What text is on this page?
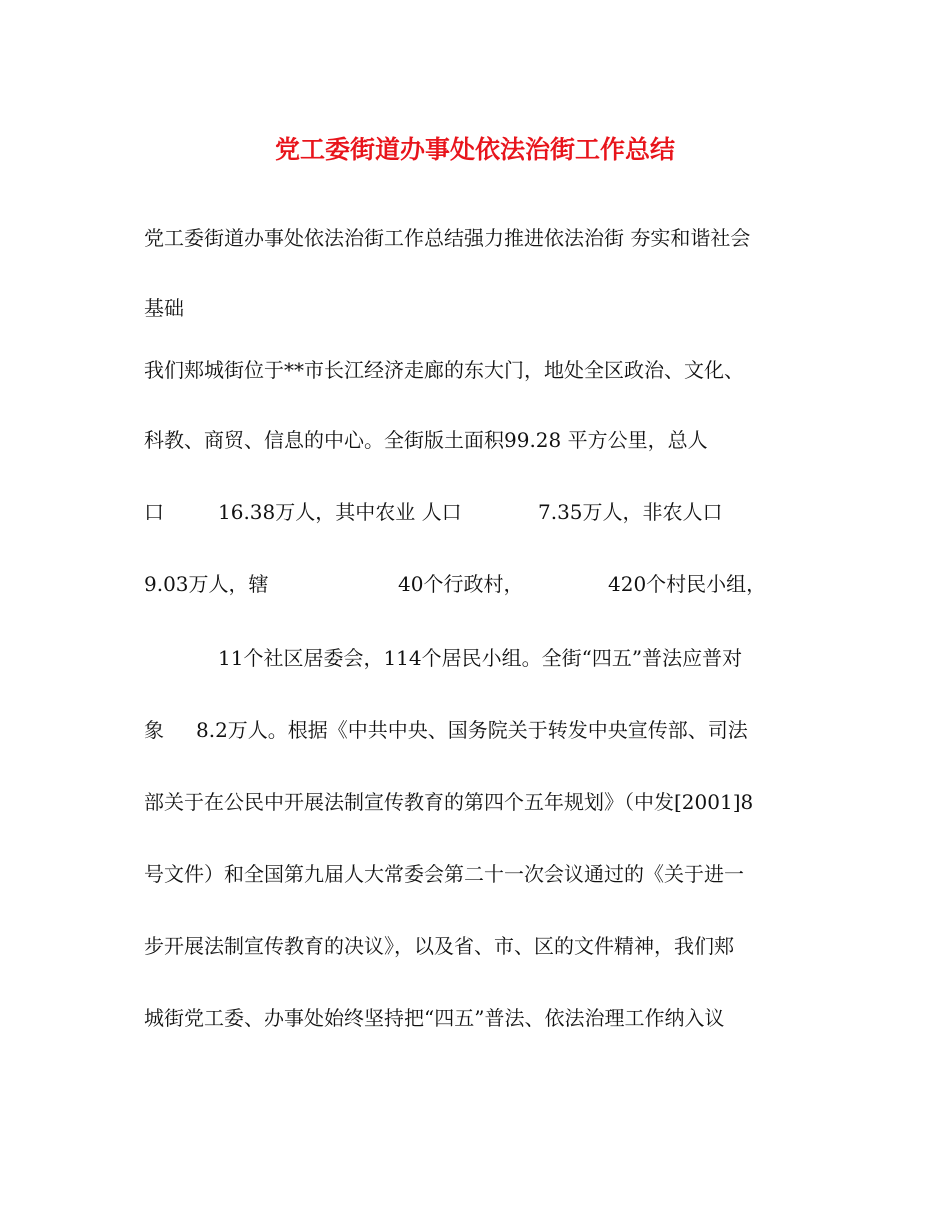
党工委街道办事处依法治街工作总结
党工委街道办事处依法治街工作总结强力推进依法治街 夯实和谐社会
基础
我们郏城街位于**市长江经济走廊的东大门，地处全区政治、文化、
科教、商贸、信息的中心。全街版土面积99.28 平方公里，总人
口	16.38万人，其中农业 人口	7.35万人，非农人口
9.03万人，辖	40个行政村，	420个村民小组，
11个社区居委会，114个居民小组。全街“四五”普法应普对
象 8.2万人。根据《中共中央、国务院关于转发中央宣传部、司法
部关于在公民中开展法制宣传教育的第四个五年规划》（中发[2001]8
号文件）和全国第九届人大常委会第二十一次会议通过的《关于进一
步开展法制宣传教育的决议》，以及省、市、区的文件精神，我们郏
城街党工委、办事处始终坚持把“四五”普法、依法治理工作纳入议
